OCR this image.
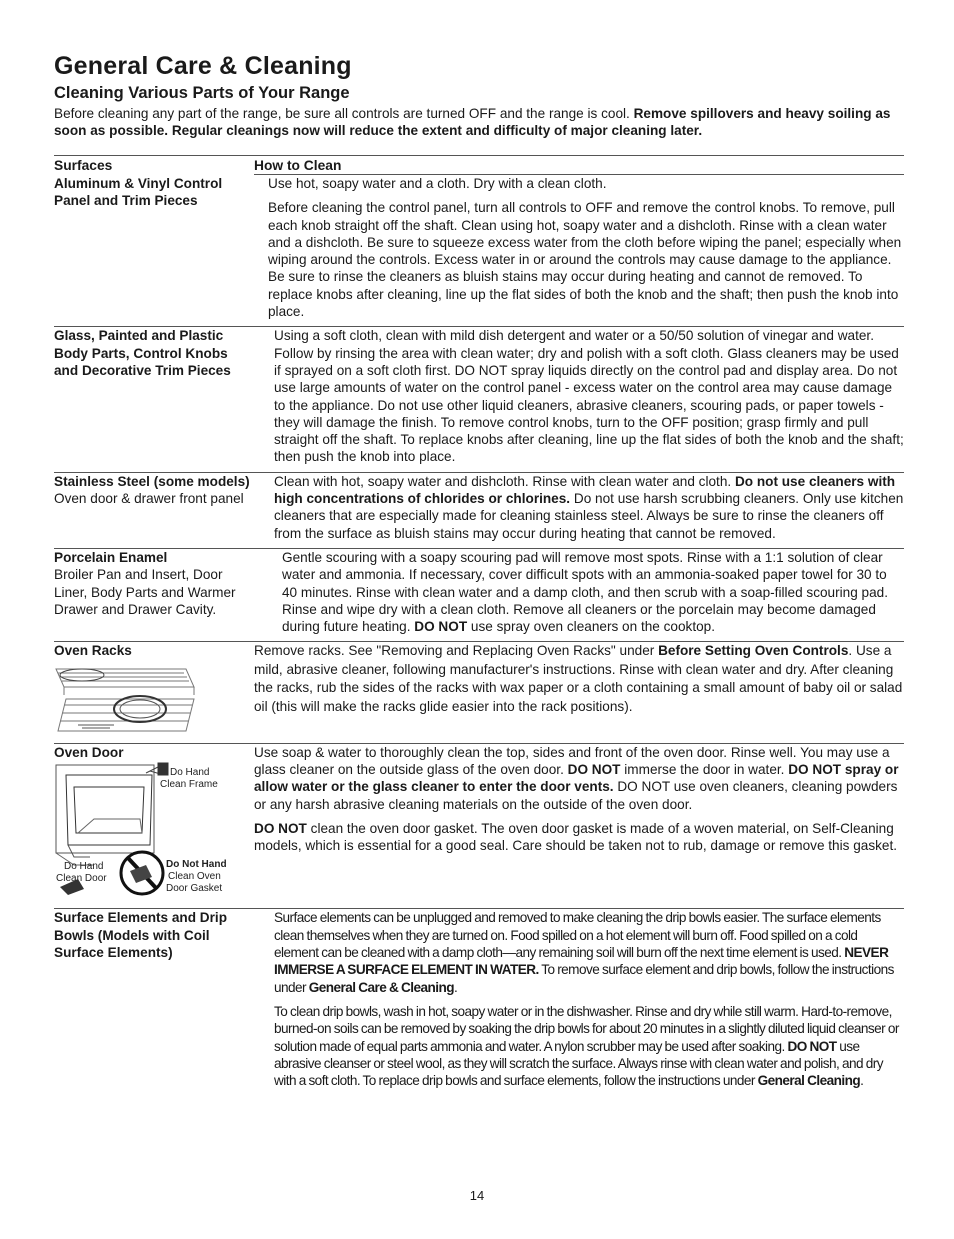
General Care & Cleaning
Cleaning Various Parts of Your Range

Before cleaning any part of the range, be sure all controls are turned OFF and the range is cool. Remove spillovers and heavy soiling as soon as possible. Regular cleanings now will reduce the extent and difficulty of major cleaning later.

Surfaces	How to Clean
Aluminum & Vinyl Control Panel and Trim Pieces

Use hot, soapy water and a cloth. Dry with a clean cloth.

Before cleaning the control panel, turn all controls to OFF and remove the control knobs. To remove, pull each knob straight off the shaft. Clean using hot, soapy water and a dishcloth. Rinse with a clean water and a dishcloth. Be sure to squeeze excess water from the cloth before wiping the panel; especially when wiping around the controls. Excess water in or around the controls may cause damage to the appliance. Be sure to rinse the cleaners as bluish stains may occur during heating and cannot de removed. To replace knobs after cleaning, line up the flat sides of both the knob and the shaft; then push the knob into place.

Glass, Painted and Plastic Body Parts, Control Knobs and Decorative Trim Pieces

Using a soft cloth, clean with mild dish detergent and water or a 50/50 solution of vinegar and water. Follow by rinsing the area with clean water; dry and polish with a soft cloth. Glass cleaners may be used if sprayed on a soft cloth first. DO NOT spray liquids directly on the control pad and display area. Do not use large amounts of water on the control panel - excess water on the control area may cause damage to the appliance. Do not use other liquid cleaners, abrasive cleaners, scouring pads, or paper towels - they will damage the finish. To remove control knobs, turn to the OFF position; grasp firmly and pull straight off the shaft. To replace knobs after cleaning, line up the flat sides of both the knob and the shaft; then push the knob into place.

Stainless Steel (some models) Oven door & drawer front panel

Clean with hot, soapy water and dishcloth. Rinse with clean water and cloth. Do not use cleaners with high concentrations of chlorides or chlorines. Do not use harsh scrubbing cleaners. Only use kitchen cleaners that are especially made for cleaning stainless steel. Always be sure to rinse the cleaners off from the surface as bluish stains may occur during heating that cannot be removed.

Porcelain Enamel
Broiler Pan and Insert, Door Liner, Body Parts and Warmer Drawer and Drawer Cavity.

Gentle scouring with a soapy scouring pad will remove most spots. Rinse with a 1:1 solution of clear water and ammonia. If necessary, cover difficult spots with an ammonia-soaked paper towel for 30 to 40 minutes. Rinse with clean water and a damp cloth, and then scrub with a soap-filled scouring pad. Rinse and wipe dry with a clean cloth. Remove all cleaners or the porcelain may become damaged during future heating. DO NOT use spray oven cleaners on the cooktop.

Oven Racks	Remove racks. See "Removing and Replacing Oven Racks" under Before Setting Oven Controls. Use a mild, abrasive cleaner, following manufacturer's instructions. Rinse with clean water and dry. After cleaning the racks, rub the sides of the racks with wax paper or a cloth containing a small amount of baby oil or salad oil (this will make the racks glide easier into the rack positions).

Oven Door
Do Hand
Clean Frame
Do Hand
Clean Door
Do Not Hand
Clean Oven
Door Gasket

Use soap & water to thoroughly clean the top, sides and front of the oven door. Rinse well. You may use a glass cleaner on the outside glass of the oven door. DO NOT immerse the door in water. DO NOT spray or allow water or the glass cleaner to enter the door vents. DO NOT use oven cleaners, cleaning powders or any harsh abrasive cleaning materials on the outside of the oven door.

DO NOT clean the oven door gasket. The oven door gasket is made of a woven material, on Self-Cleaning models, which is essential for a good seal. Care should be taken not to rub, damage or remove this gasket.

Surface Elements and Drip Bowls (Models with Coil Surface Elements)

Surface elements can be unplugged and removed to make cleaning the drip bowls easier. The surface elements clean themselves when they are turned on. Food spilled on a hot element will burn off. Food spilled on a cold element can be cleaned with a damp cloth—any remaining soil will burn off the next time element is used. NEVER IMMERSE A SURFACE ELEMENT IN WATER. To remove surface element and drip bowls, follow the instructions under General Care & Cleaning.

To clean drip bowls, wash in hot, soapy water or in the dishwasher. Rinse and dry while still warm. Hard-to-remove, burned-on soils can be removed by soaking the drip bowls for about 20 minutes in a slightly diluted liquid cleanser or solution made of equal parts ammonia and water. A nylon scrubber may be used after soaking. DO NOT use abrasive cleanser or steel wool, as they will scratch the surface. Always rinse with clean water and polish, and dry with a soft cloth. To replace drip bowls and surface elements, follow the instructions under General Cleaning.

14
